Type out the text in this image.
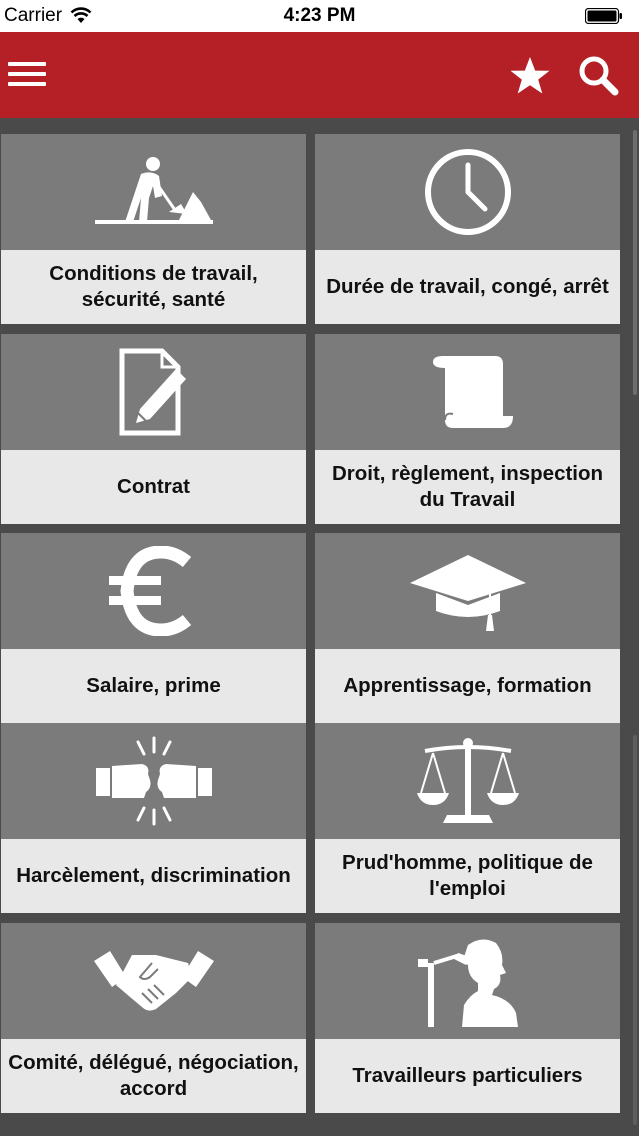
Carrier	4:23 PM
Conditions de travail,
sécurité, santé
Durée de travail, congé, arrêt
Contrat
Droit, règlement, inspection
du Travail
Salaire, prime	Apprentissage, formation
Harcèlement, discrimination
Prud'homme, politique de
l'emploi
Comité, délégué, négociation,
accord
Travailleurs particuliers
